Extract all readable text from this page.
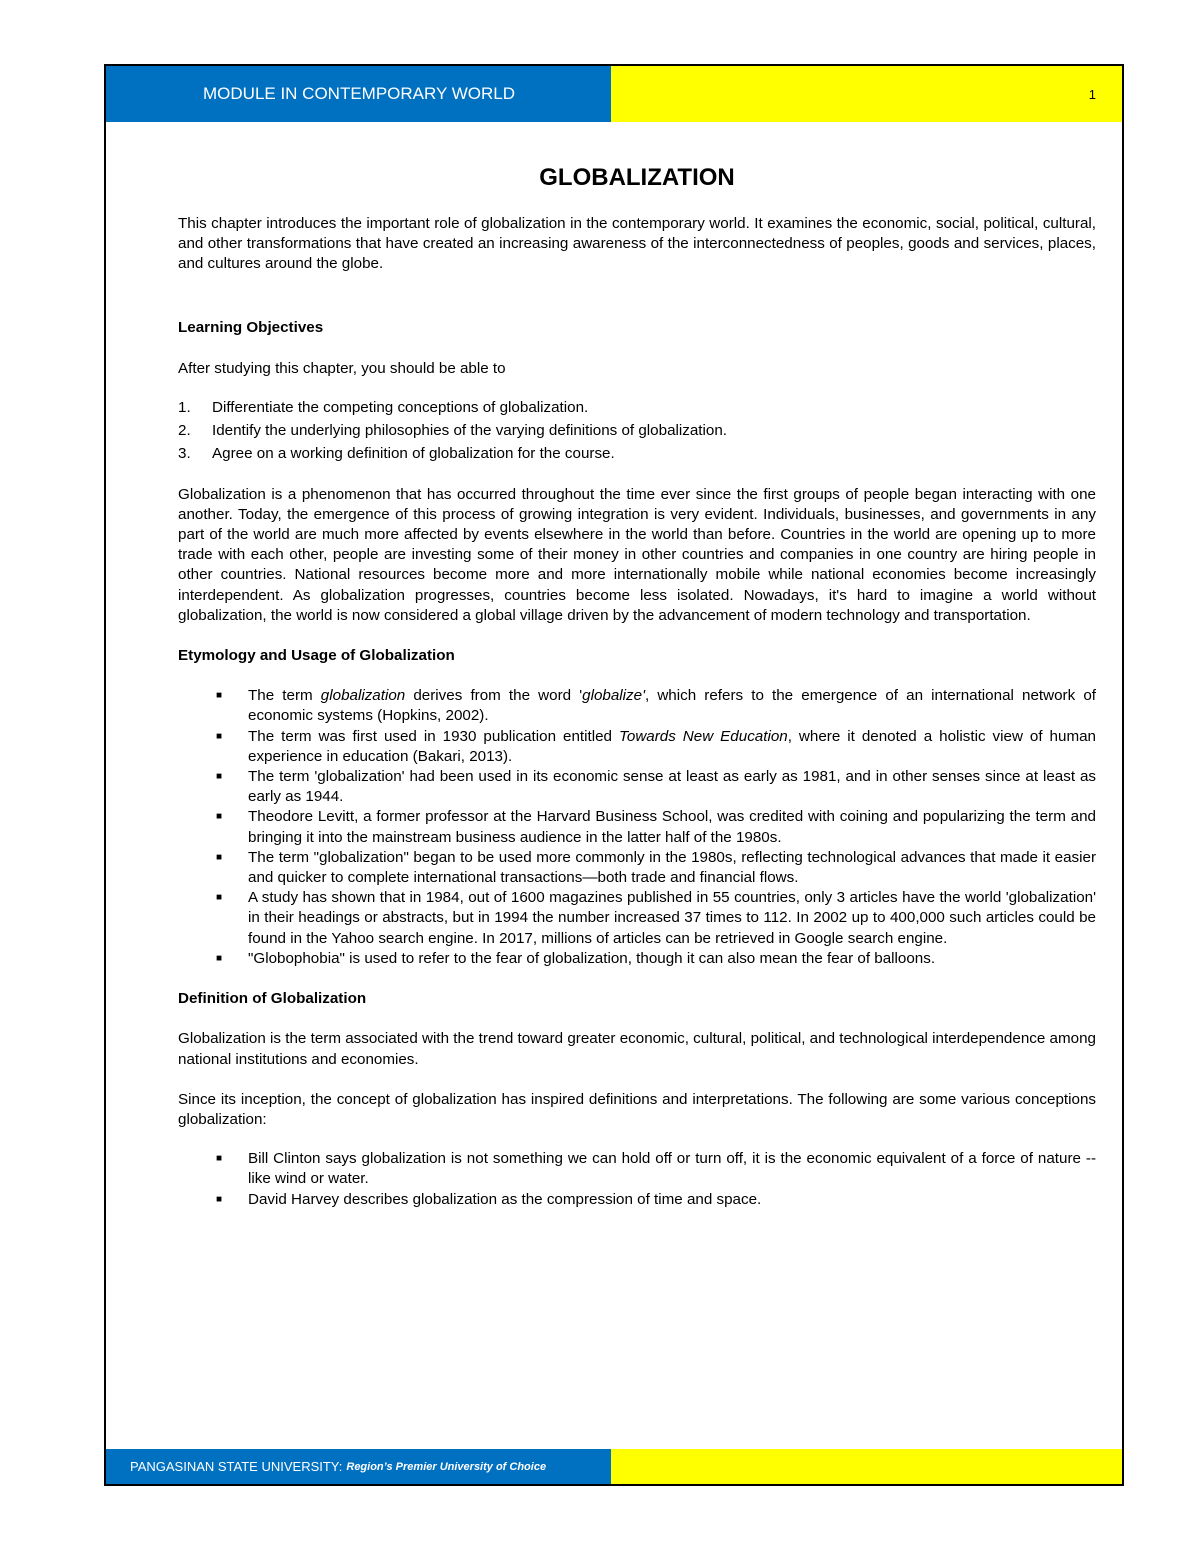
MODULE IN CONTEMPORARY WORLD	1
GLOBALIZATION

This chapter introduces the important role of globalization in the contemporary world. It examines the economic, social, political, cultural, and other transformations that have created an increasing awareness of the interconnectedness of peoples, goods and services, places, and cultures around the globe.

Learning Objectives

After studying this chapter, you should be able to

1.	Differentiate the competing conceptions of globalization.
2.	Identify the underlying philosophies of the varying definitions of globalization.
3.	Agree on a working definition of globalization for the course.

Globalization is a phenomenon that has occurred throughout the time ever since the first groups of people began interacting with one another. Today, the emergence of this process of growing integration is very evident. Individuals, businesses, and governments in any part of the world are much more affected by events elsewhere in the world than before. Countries in the world are opening up to more trade with each other, people are investing some of their money in other countries and companies in one country are hiring people in other countries. National resources become more and more internationally mobile while national economies become increasingly interdependent. As globalization progresses, countries become less isolated. Nowadays, it's hard to imagine a world without globalization, the world is now considered a global village driven by the advancement of modern technology and transportation.

Etymology and Usage of Globalization
■	The term globalization derives from the word 'globalize', which refers to the emergence of an international network of economic systems (Hopkins, 2002).
■	The term was first used in 1930 publication entitled Towards New Education, where it denoted a holistic view of human experience in education (Bakari, 2013).
■	The term 'globalization' had been used in its economic sense at least as early as 1981, and in other senses since at least as early as 1944.
■	Theodore Levitt, a former professor at the Harvard Business School, was credited with coining and popularizing the term and bringing it into the mainstream business audience in the latter half of the 1980s.
■	The term "globalization" began to be used more commonly in the 1980s, reflecting technological advances that made it easier and quicker to complete international transactions—both trade and financial flows.
■	A study has shown that in 1984, out of 1600 magazines published in 55 countries, only 3 articles have the world 'globalization' in their headings or abstracts, but in 1994 the number increased 37 times to 112. In 2002 up to 400,000 such articles could be found in the Yahoo search engine. In 2017, millions of articles can be retrieved in Google search engine.
■	"Globophobia" is used to refer to the fear of globalization, though it can also mean the fear of balloons.
Definition of Globalization

Globalization is the term associated with the trend toward greater economic, cultural, political, and technological interdependence among national institutions and economies.

Since its inception, the concept of globalization has inspired definitions and interpretations. The following are some various conceptions globalization:

■	Bill Clinton says globalization is not something we can hold off or turn off, it is the economic equivalent of a force of nature -- like wind or water.
■	David Harvey describes globalization as the compression of time and space.
PANGASINAN STATE UNIVERSITY: Region’s Premier University of Choice
